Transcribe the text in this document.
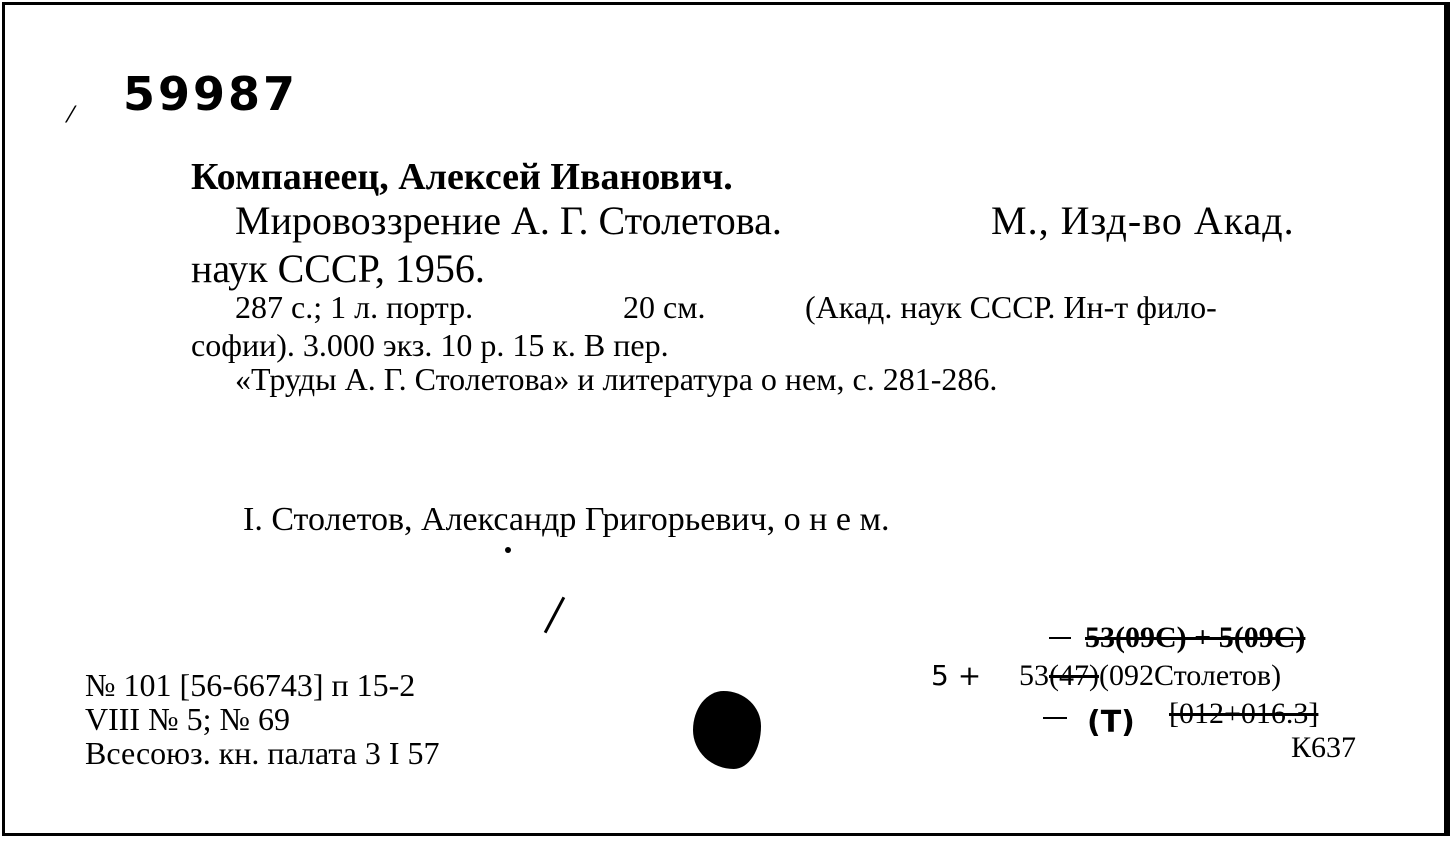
59987
⁄
Компанеец, Алексей Иванович.
Мировоззрение А. Г. Столетова.	М., Изд-во Акад.
наук СССР, 1956.
287 с.; 1 л. портр.	20 см.	(Акад. наук СССР. Ин-т фило-
софии). 3.000 экз. 10 р. 15 к. В пер.
«Труды А. Г. Столетова» и литература о нем, с. 281-286.
I. Столетов, Александр Григорьевич, о н е м.
№ 101 [56-66743] п 15-2
VIII № 5; № 69
Всесоюз. кн. палата 3 I 57
53(09С) + 5(09С)
5 + 53(47)(092Столетов)
(Т) [012+016.3]
К637
